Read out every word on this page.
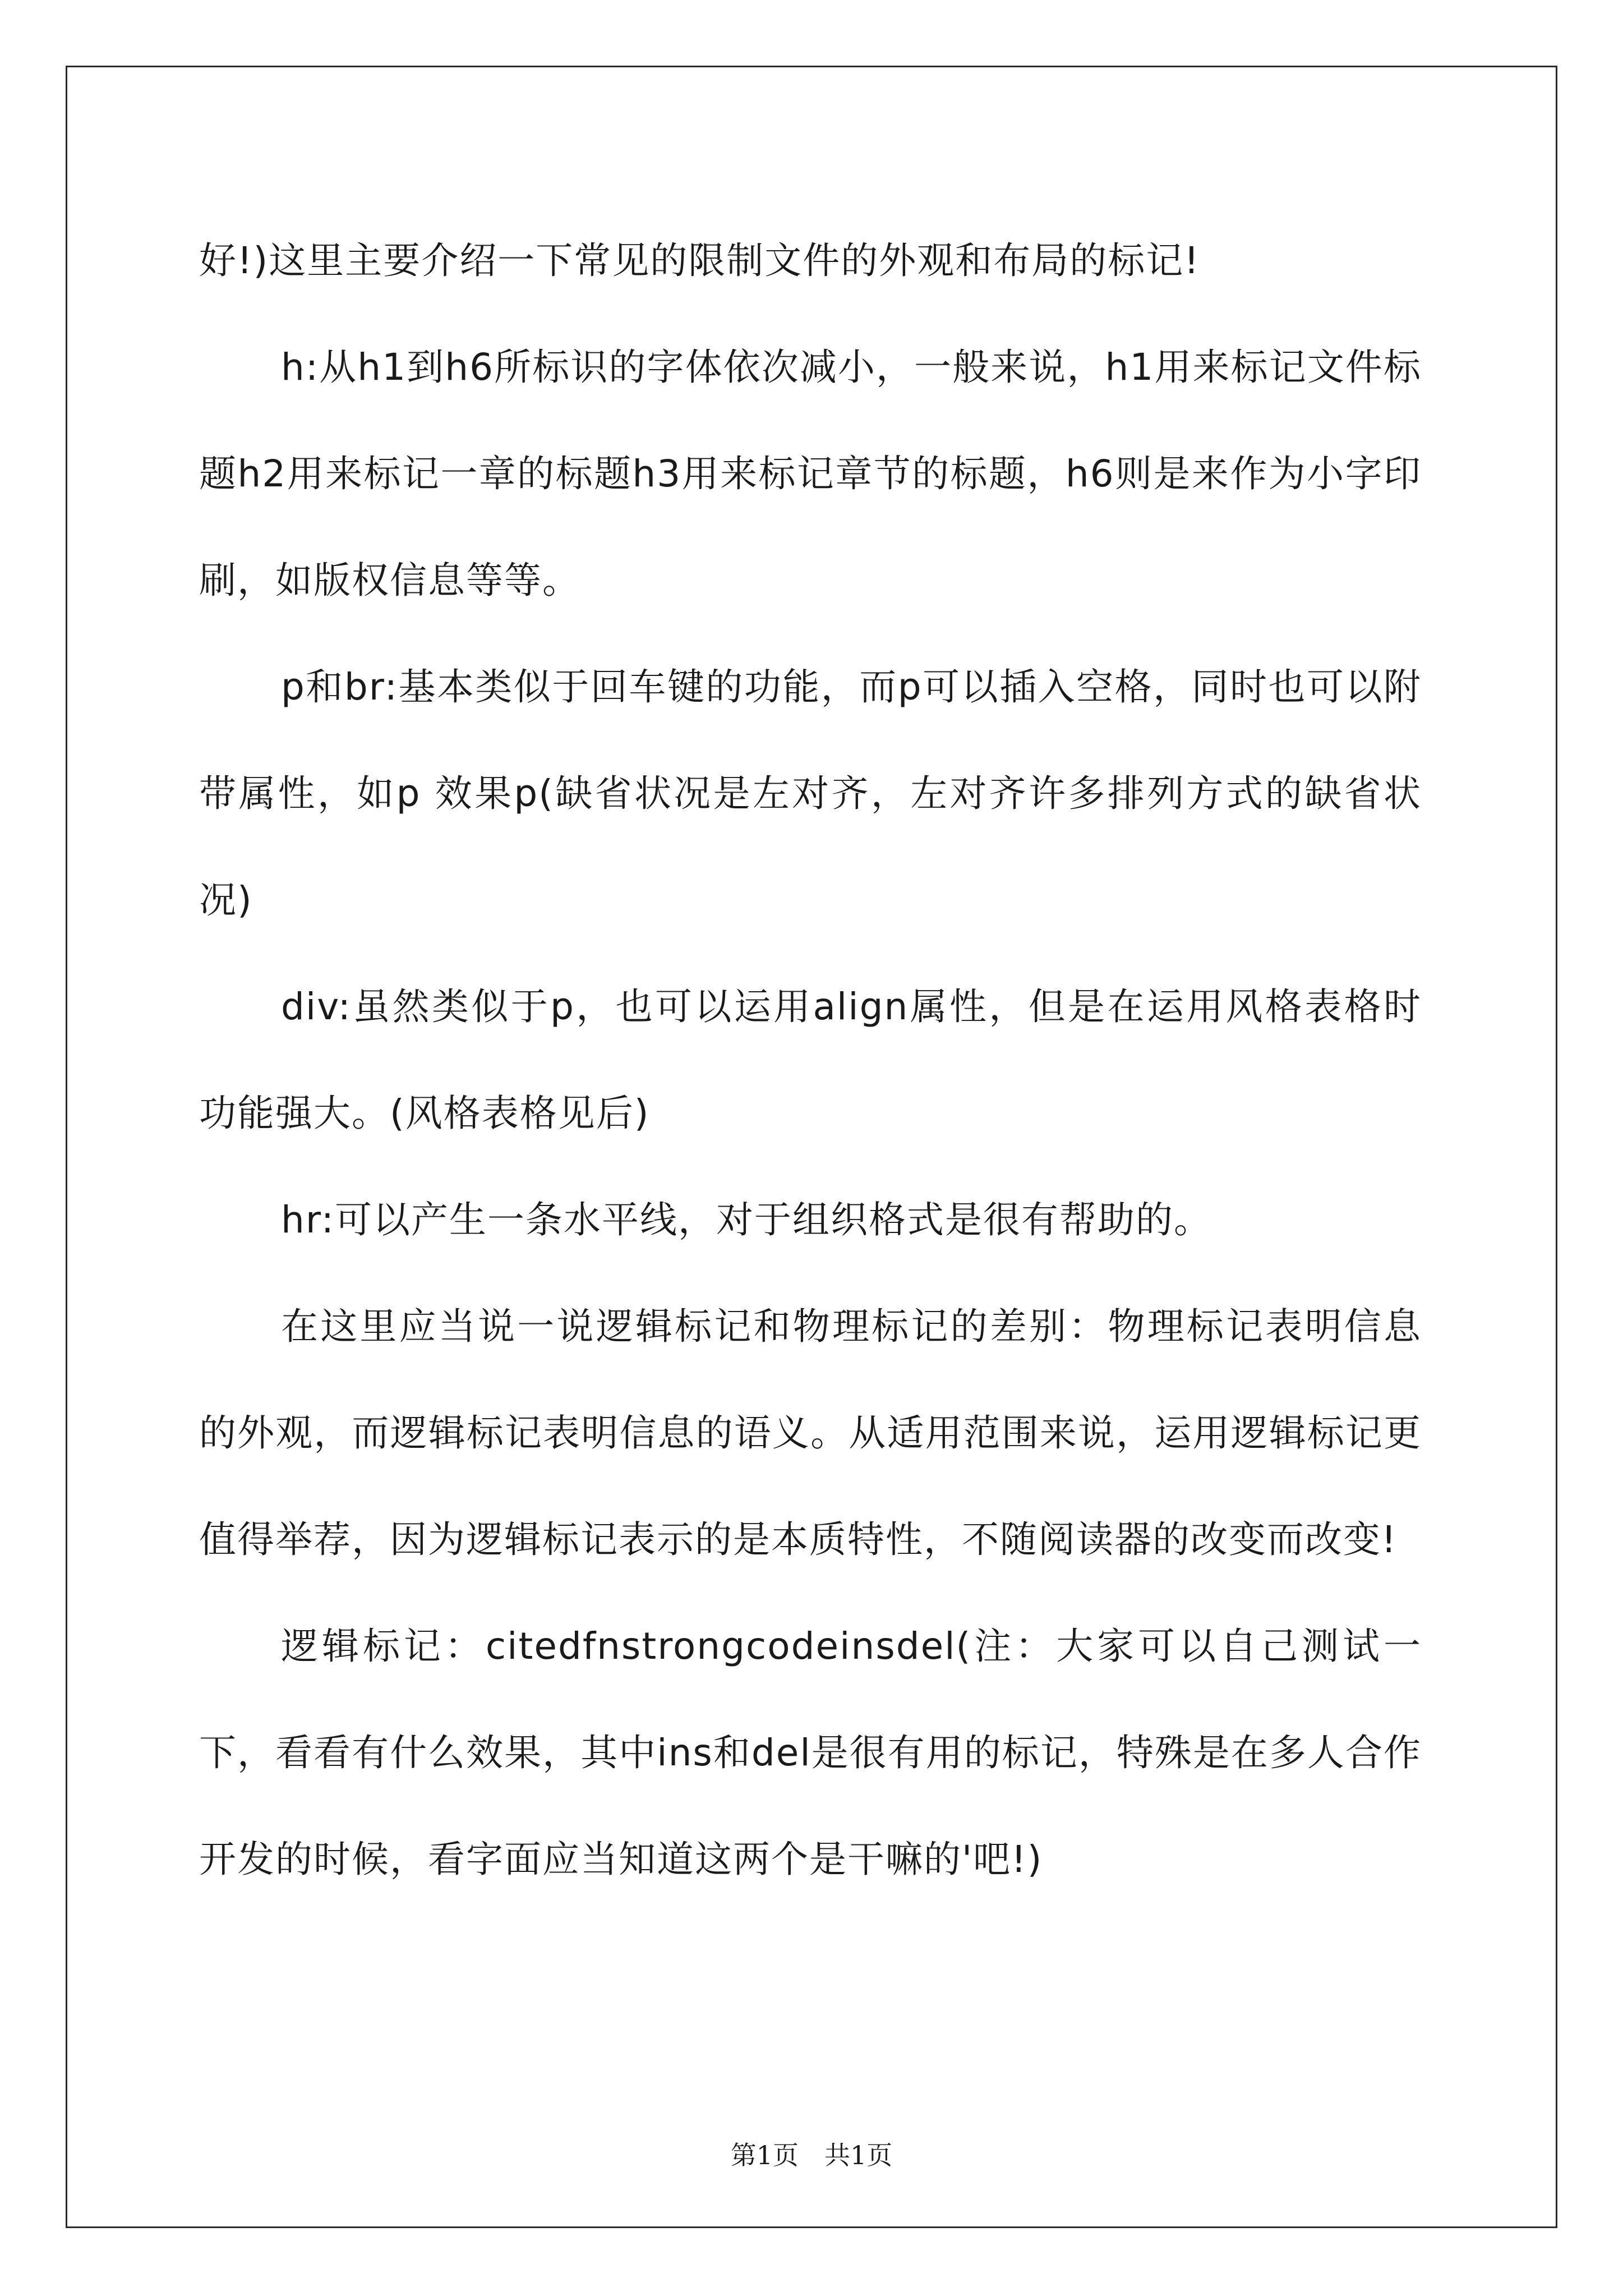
好!)这里主要介绍一下常见的限制文件的外观和布局的标记!

h:从h1到h6所标识的字体依次减小，一般来说，h1用来标记文件标题h2用来标记一章的标题h3用来标记章节的标题，h6则是来作为小字印刷，如版权信息等等。

p和br:基本类似于回车键的功能，而p可以插入空格，同时也可以附带属性，如p 效果p(缺省状况是左对齐，左对齐许多排列方式的缺省状况)

div:虽然类似于p，也可以运用align属性，但是在运用风格表格时功能强大。(风格表格见后)

hr:可以产生一条水平线，对于组织格式是很有帮助的。

在这里应当说一说逻辑标记和物理标记的差别：物理标记表明信息的外观，而逻辑标记表明信息的语义。从适用范围来说，运用逻辑标记更值得举荐，因为逻辑标记表示的是本质特性，不随阅读器的改变而改变!

逻辑标记：citedfnstrongcodeinsdel(注：大家可以自己测试一下，看看有什么效果，其中ins和del是很有用的标记，特殊是在多人合作开发的时候，看字面应当知道这两个是干嘛的'吧!)

第1页　共1页
